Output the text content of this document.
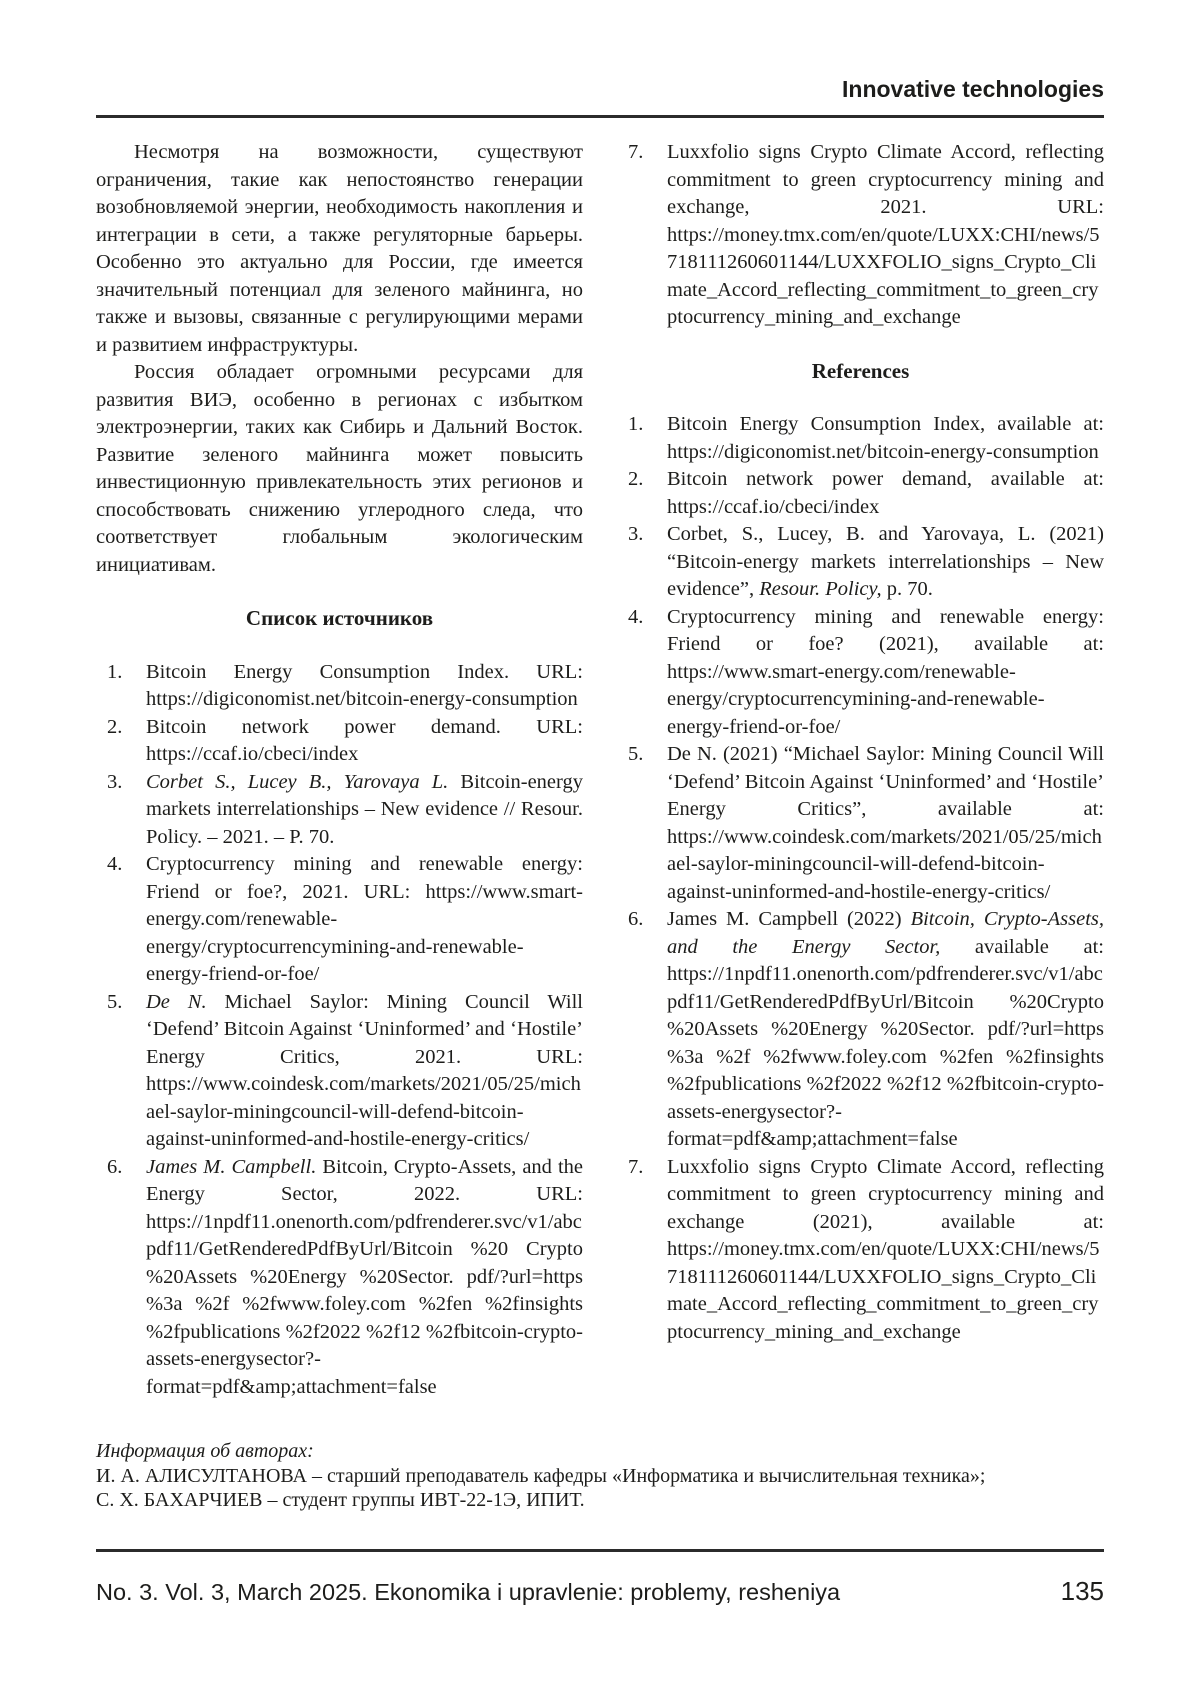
Innovative technologies

Несмотря на возможности, существуют ограничения, такие как непостоянство генерации возобновляемой энергии, необходимость накопления и интеграции в сети, а также регуляторные барьеры. Особенно это актуально для России, где имеется значительный потенциал для зеленого майнинга, но также и вызовы, связанные с регулирующими мерами и развитием инфраструктуры.

Россия обладает огромными ресурсами для развития ВИЭ, особенно в регионах с избытком электроэнергии, таких как Сибирь и Дальний Восток. Развитие зеленого майнинга может повысить инвестиционную привлекательность этих регионов и способствовать снижению углеродного следа, что соответствует глобальным экологическим инициативам.

Список источников
1.	Bitcoin Energy Consumption Index. URL: https://digiconomist.net/bitcoin-energy-consumption
2.	Bitcoin network power demand. URL: https://ccaf.io/cbeci/index
3.	Corbet S., Lucey B., Yarovaya L. Bitcoin-energy markets interrelationships – New evidence // Resour. Policy. – 2021. – P. 70.
4.	Cryptocurrency mining and renewable energy: Friend or foe?, 2021. URL: https://www.smart-energy.com/renewable-energy/cryptocurrencymining-and-renewable-energy-friend-or-foe/
5.	De N. Michael Saylor: Mining Council Will ‘Defend’ Bitcoin Against ‘Uninformed’ and ‘Hostile’ Energy Critics, 2021. URL: https://www.coindesk.com/markets/2021/05/25/michael-saylor-miningcouncil-will-defend-bitcoin-against-uninformed-and-hostile-energy-critics/
6.	James M. Campbell. Bitcoin, Crypto-Assets, and the Energy Sector, 2022. URL: https://1npdf11.onenorth.com/pdfrenderer.svc/v1/abcpdf11/GetRenderedPdfByUrl/Bitcoin %20 Crypto %20Assets %20Energy %20Sector. pdf/?url=https %3a %2f %2fwww.foley.com %2fen %2finsights %2fpublications %2f2022 %2f12 %2fbitcoin-crypto-assets-energysector?-format=pdf&amp;attachment=false
7.	Luxxfolio signs Crypto Climate Accord, reflecting commitment to green cryptocurrency mining and exchange, 2021. URL: https://money.tmx.com/en/quote/LUXX:CHI/news/5718111260601144/LUXXFOLIO_signs_Crypto_Climate_Accord_reflecting_commitment_to_green_cryptocurrency_mining_and_exchange
References
1.	Bitcoin Energy Consumption Index, available at: https://digiconomist.net/bitcoin-energy-consumption
2.	Bitcoin network power demand, available at: https://ccaf.io/cbeci/index
3.	Corbet, S., Lucey, B. and Yarovaya, L. (2021) “Bitcoin-energy markets interrelationships – New evidence”, Resour. Policy, p. 70.
4.	Cryptocurrency mining and renewable energy: Friend or foe? (2021), available at: https://www.smart-energy.com/renewable-energy/cryptocurrencymining-and-renewable-energy-friend-or-foe/
5.	De N. (2021) “Michael Saylor: Mining Council Will ‘Defend’ Bitcoin Against ‘Uninformed’ and ‘Hostile’ Energy Critics”, available at: https://www.coindesk.com/markets/2021/05/25/michael-saylor-miningcouncil-will-defend-bitcoin-against-uninformed-and-hostile-energy-critics/
6.	James M. Campbell (2022) Bitcoin, Crypto-Assets, and the Energy Sector, available at: https://1npdf11.onenorth.com/pdfrenderer.svc/v1/abcpdf11/GetRenderedPdfByUrl/Bitcoin %20Crypto %20Assets %20Energy %20Sector. pdf/?url=https %3a %2f %2fwww.foley.com %2fen %2finsights %2fpublications %2f2022 %2f12 %2fbitcoin-crypto-assets-energysector?-format=pdf&amp;attachment=false
7.	Luxxfolio signs Crypto Climate Accord, reflecting commitment to green cryptocurrency mining and exchange (2021), available at: https://money.tmx.com/en/quote/LUXX:CHI/news/5718111260601144/LUXXFOLIO_signs_Crypto_Climate_Accord_reflecting_commitment_to_green_cryptocurrency_mining_and_exchange
Информация об авторах:
И. А. АЛИСУЛТАНОВА – старший преподаватель кафедры «Информатика и вычислительная техника»;
С. Х. БАХАРЧИЕВ – студент группы ИВТ-22-1Э, ИПИТ.
No. 3. Vol. 3, March 2025. Ekonomika i upravlenie: problemy, resheniya	135
